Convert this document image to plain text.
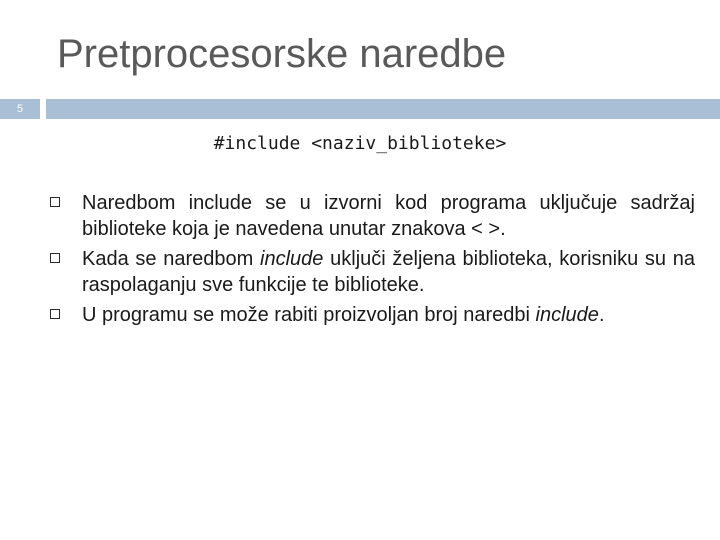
Pretprocesorske naredbe
5
#include <naziv_biblioteke>
Naredbom include se u izvorni kod programa uključuje sadržaj biblioteke koja je navedena unutar znakova < >.
Kada se naredbom include uključi željena biblioteka, korisniku su na raspolaganju sve funkcije te biblioteke.
U programu se može rabiti proizvoljan broj naredbi include.
